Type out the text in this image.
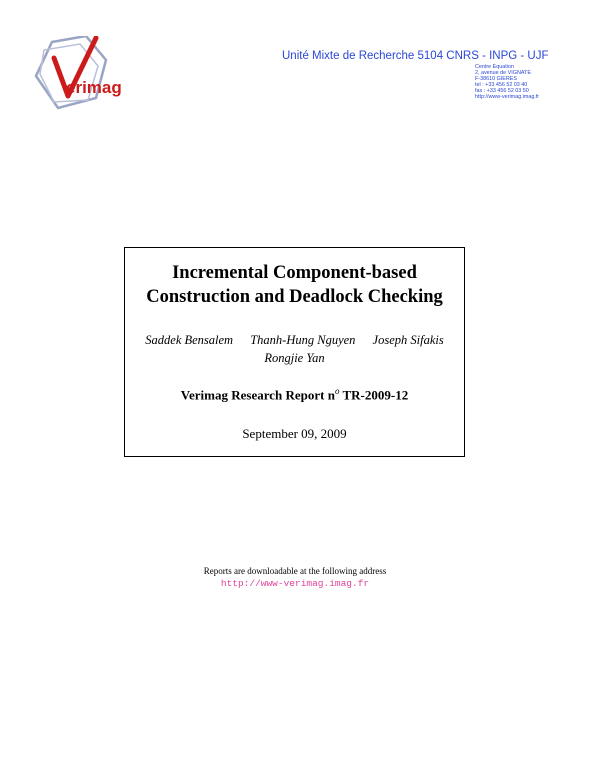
erimag

Unité Mixte de Recherche 5104 CNRS - INPG - UJF

Centre Equation
2, avenue de VIGNATE
F-38610 GIERES
tel : +33 456 52 03 40
fax : +33 456 52 03 50
http://www-verimag.imag.fr
Incremental Component-based
Construction and Deadlock Checking
Saddek Bensalem Thanh-Hung Nguyen Joseph Sifakis
Rongjie Yan
Verimag Research Report $n^o$ TR-2009-12
September 09, 2009
Reports are downloadable at the following address
http://www-verimag.imag.fr
